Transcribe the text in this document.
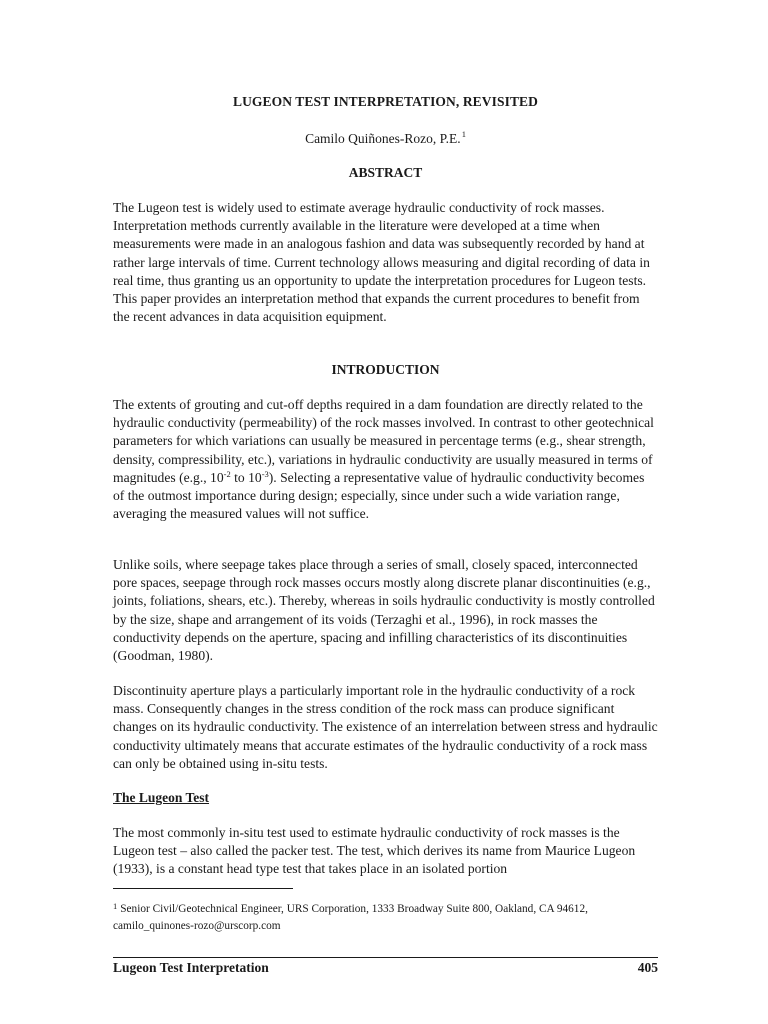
LUGEON TEST INTERPRETATION, REVISITED
Camilo Quiñones-Rozo, P.E.$^1$
ABSTRACT
The Lugeon test is widely used to estimate average hydraulic conductivity of rock masses. Interpretation methods currently available in the literature were developed at a time when measurements were made in an analogous fashion and data was subsequently recorded by hand at rather large intervals of time. Current technology allows measuring and digital recording of data in real time, thus granting us an opportunity to update the interpretation procedures for Lugeon tests. This paper provides an interpretation method that expands the current procedures to benefit from the recent advances in data acquisition equipment.
INTRODUCTION
The extents of grouting and cut-off depths required in a dam foundation are directly related to the hydraulic conductivity (permeability) of the rock masses involved. In contrast to other geotechnical parameters for which variations can usually be measured in percentage terms (e.g., shear strength, density, compressibility, etc.), variations in hydraulic conductivity are usually measured in terms of magnitudes (e.g., $10^{-2}$ to $10^{-3}$). Selecting a representative value of hydraulic conductivity becomes of the outmost importance during design; especially, since under such a wide variation range, averaging the measured values will not suffice.
Unlike soils, where seepage takes place through a series of small, closely spaced, interconnected pore spaces, seepage through rock masses occurs mostly along discrete planar discontinuities (e.g., joints, foliations, shears, etc.). Thereby, whereas in soils hydraulic conductivity is mostly controlled by the size, shape and arrangement of its voids (Terzaghi et al., 1996), in rock masses the conductivity depends on the aperture, spacing and infilling characteristics of its discontinuities (Goodman, 1980).
Discontinuity aperture plays a particularly important role in the hydraulic conductivity of a rock mass. Consequently changes in the stress condition of the rock mass can produce significant changes on its hydraulic conductivity. The existence of an interrelation between stress and hydraulic conductivity ultimately means that accurate estimates of the hydraulic conductivity of a rock mass can only be obtained using in-situ tests.
The Lugeon Test
The most commonly in-situ test used to estimate hydraulic conductivity of rock masses is the Lugeon test – also called the packer test. The test, which derives its name from Maurice Lugeon (1933), is a constant head type test that takes place in an isolated portion
$^1$ Senior Civil/Geotechnical Engineer, URS Corporation, 1333 Broadway Suite 800, Oakland, CA 94612, camilo_quinones-rozo@urscorp.com
Lugeon Test Interpretation	405
